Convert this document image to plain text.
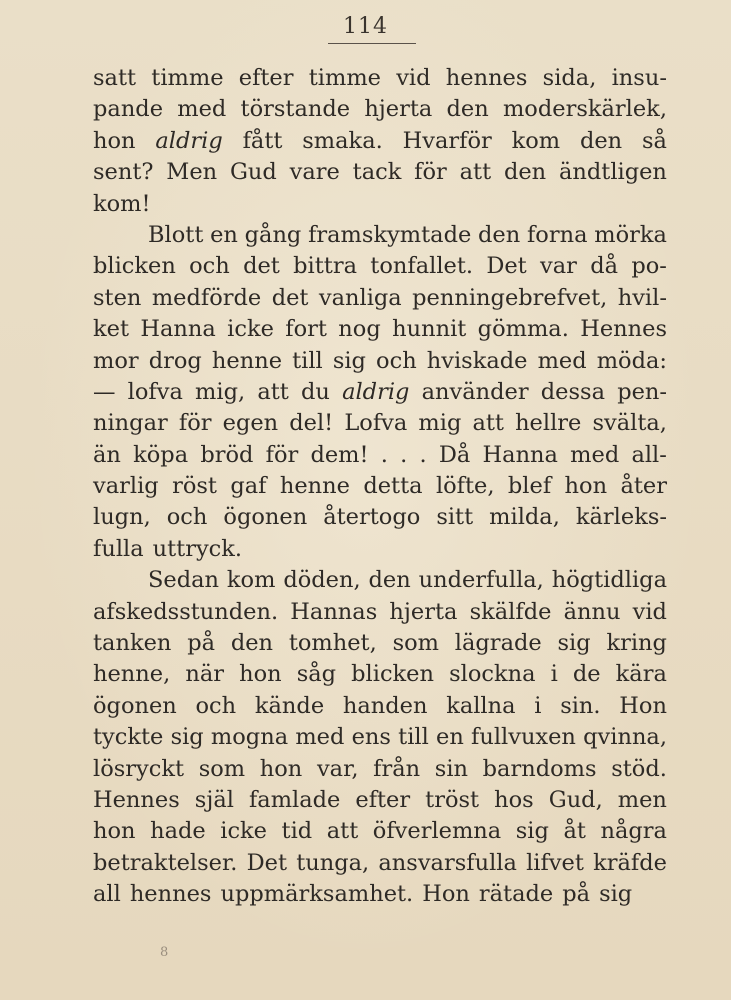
114
satt timme efter timme vid hennes sida, insu-
pande med törstande hjerta den moderskärlek,
hon aldrig fått smaka. Hvarför kom den så
sent? Men Gud vare tack för att den ändtligen
kom!
Blott en gång framskymtade den forna mörka
blicken och det bittra tonfallet. Det var då po-
sten medförde det vanliga penningebrefvet, hvil-
ket Hanna icke fort nog hunnit gömma. Hennes
mor drog henne till sig och hviskade med möda:
— lofva mig, att du aldrig använder dessa pen-
ningar för egen del! Lofva mig att hellre svälta,
än köpa bröd för dem! . . . Då Hanna med all-
varlig röst gaf henne detta löfte, blef hon åter
lugn, och ögonen återtogo sitt milda, kärleks-
fulla uttryck.
Sedan kom döden, den underfulla, högtidliga
afskedsstunden. Hannas hjerta skälfde ännu vid
tanken på den tomhet, som lägrade sig kring
henne, när hon såg blicken slockna i de kära
ögonen och kände handen kallna i sin. Hon
tyckte sig mogna med ens till en fullvuxen qvinna,
lösryckt som hon var, från sin barndoms stöd.
Hennes själ famlade efter tröst hos Gud, men
hon hade icke tid att öfverlemna sig åt några
betraktelser. Det tunga, ansvarsfulla lifvet kräfde
all hennes uppmärksamhet. Hon rätade på sig
8
